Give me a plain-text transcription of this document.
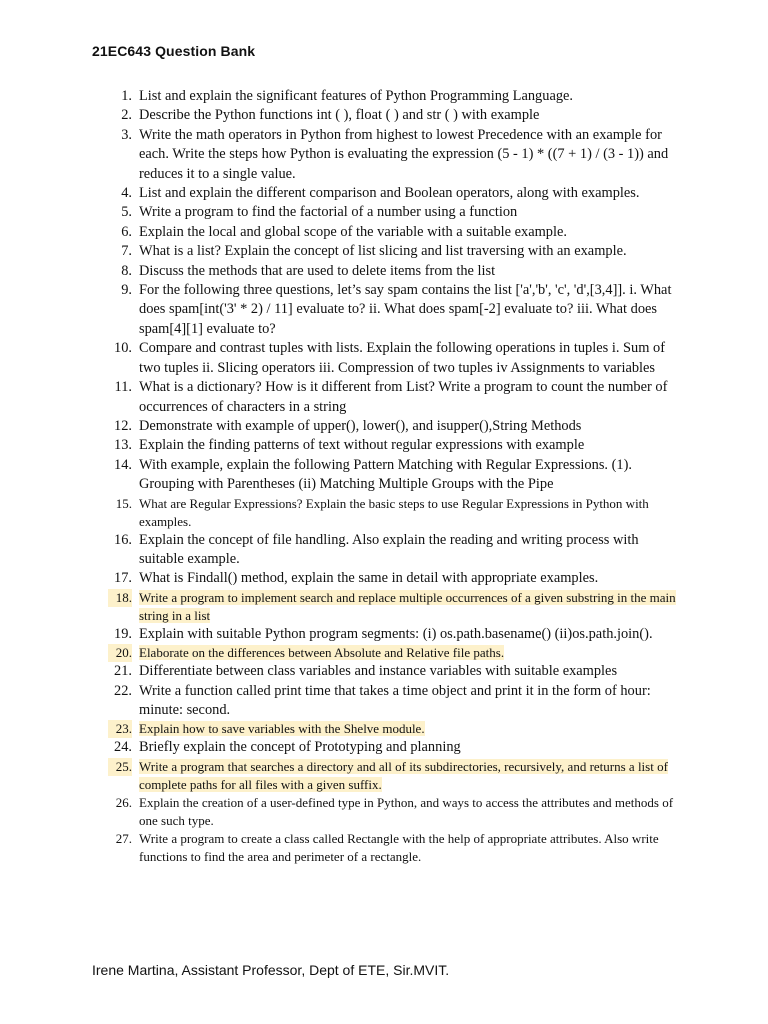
21EC643 Question Bank
1. List and explain the significant features of Python Programming Language.
2. Describe the Python functions int ( ), float ( ) and str ( ) with example
3. Write the math operators in Python from highest to lowest Precedence with an example for each. Write the steps how Python is evaluating the expression (5 - 1) * ((7 + 1) / (3 - 1)) and reduces it to a single value.
4. List and explain the different comparison and Boolean operators, along with examples.
5. Write a program to find the factorial of a number using a function
6. Explain the local and global scope of the variable with a suitable example.
7. What is a list? Explain the concept of list slicing and list traversing with an example.
8. Discuss the methods that are used to delete items from the list
9. For the following three questions, let’s say spam contains the list ['a','b', 'c', 'd',[3,4]]. i. What does spam[int('3' * 2) / 11] evaluate to? ii. What does spam[-2] evaluate to? iii. What does spam[4][1] evaluate to?
10. Compare and contrast tuples with lists. Explain the following operations in tuples i. Sum of two tuples ii. Slicing operators iii. Compression of two tuples iv Assignments to variables
11. What is a dictionary? How is it different from List? Write a program to count the number of occurrences of characters in a string
12. Demonstrate with example of upper(), lower(), and isupper(),String Methods
13. Explain the finding patterns of text without regular expressions with example
14. With example, explain the following Pattern Matching with Regular Expressions. (1). Grouping with Parentheses (ii) Matching Multiple Groups with the Pipe
15. What are Regular Expressions? Explain the basic steps to use Regular Expressions in Python with examples.
16. Explain the concept of file handling. Also explain the reading and writing process with suitable example.
17. What is Findall() method, explain the same in detail with appropriate examples.
18. Write a program to implement search and replace multiple occurrences of a given substring in the main string in a list
19. Explain with suitable Python program segments: (i) os.path.basename() (ii)os.path.join().
20. Elaborate on the differences between Absolute and Relative file paths.
21. Differentiate between class variables and instance variables with suitable examples
22. Write a function called print time that takes a time object and print it in the form of hour: minute: second.
23. Explain how to save variables with the Shelve module.
24. Briefly explain the concept of Prototyping and planning
25. Write a program that searches a directory and all of its subdirectories, recursively, and returns a list of complete paths for all files with a given suffix.
26. Explain the creation of a user-defined type in Python, and ways to access the attributes and methods of one such type.
27. Write a program to create a class called Rectangle with the help of appropriate attributes. Also write functions to find the area and perimeter of a rectangle.
Irene Martina, Assistant Professor, Dept of ETE, Sir.MVIT.
